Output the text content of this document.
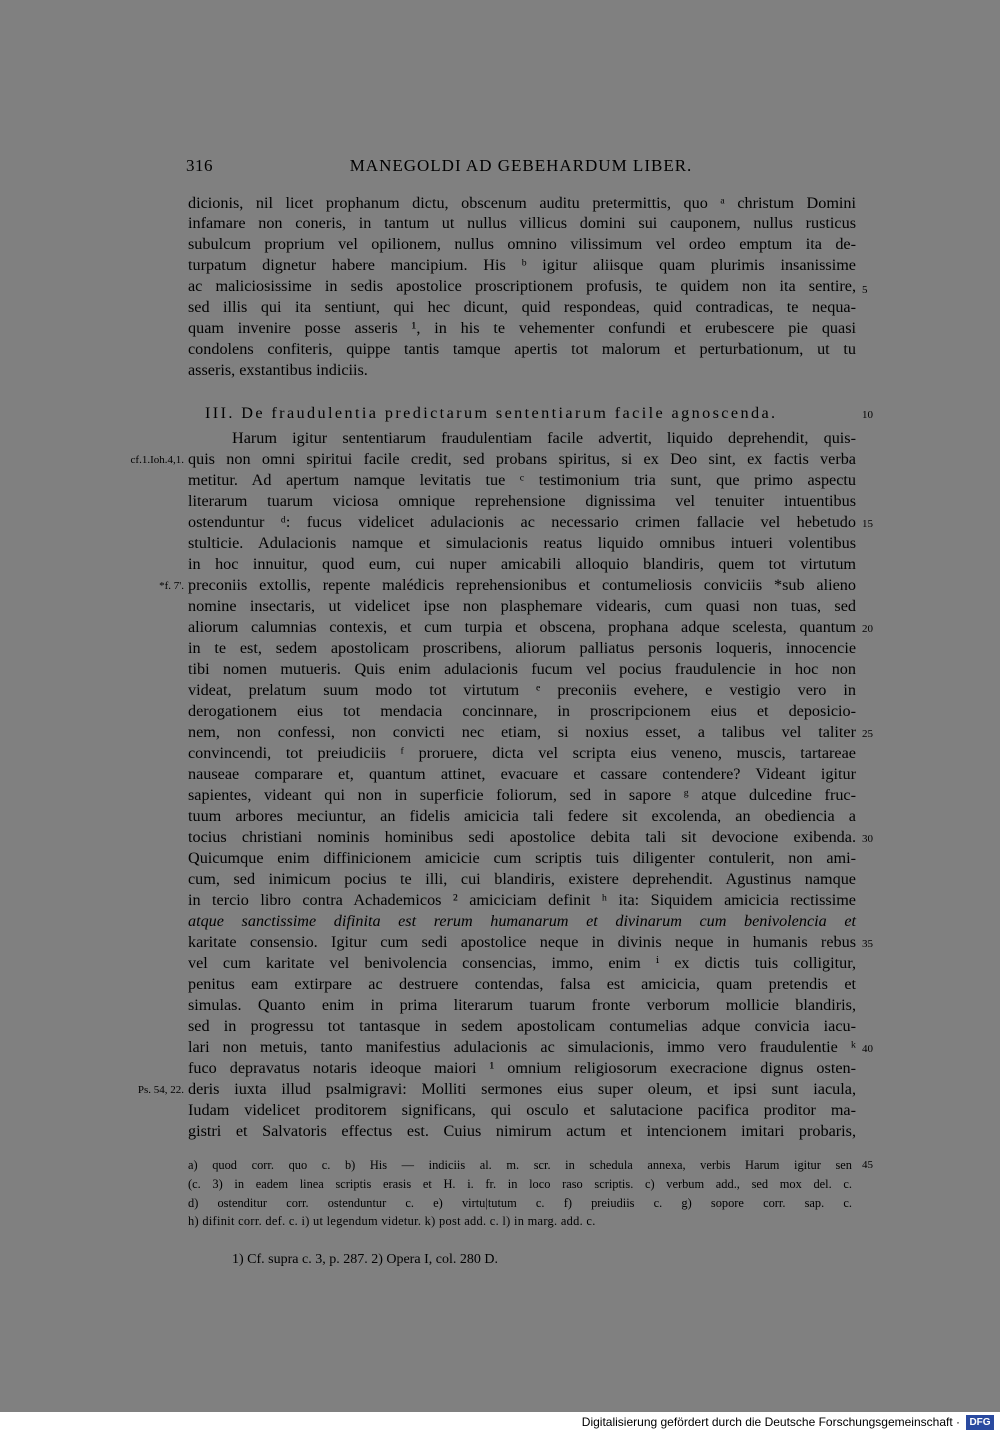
316	MANEGOLDI AD GEBEHARDUM LIBER.
dicionis, nil licet prophanum dictu, obscenum auditu pretermittis, quo ᵃ christum Domini
infamare non coneris, in tantum ut nullus villicus domini sui cauponem, nullus rusticus
subulcum proprium vel opilionem, nullus omnino vilissimum vel ordeo emptum ita de-
turpatum dignetur habere mancipium. His ᵇ igitur aliisque quam plurimis insanissime
ac maliciosissime in sedis apostolice proscriptionem profusis, te quidem non ita sentire,
sed illis qui ita sentiunt, qui hec dicunt, quid respondeas, quid contradicas, te nequa-
quam invenire posse asseris ¹, in his te vehementer confundi et erubescere pie quasi
condolens confiteris, quippe tantis tamque apertis tot malorum et perturbationum, ut tu
asseris, exstantibus indiciis.
III. De fraudulentia predictarum sententiarum facile agnoscenda.
Harum igitur sententiarum fraudulentiam facile advertit, liquido deprehendit, quis-
quis non omni spiritui facile credit, sed probans spiritus, si ex Deo sint, ex factis verba
metitur. Ad apertum namque levitatis tue ᶜ testimonium tria sunt, que primo aspectu
literarum tuarum viciosa omnique reprehensione dignissima vel tenuiter intuentibus
ostenduntur ᵈ: fucus videlicet adulacionis ac necessario crimen fallacie vel hebetudo
stulticie. Adulacionis namque et simulacionis reatus liquido omnibus intueri volentibus
in hoc innuitur, quod eum, cui nuper amicabili alloquio blandiris, quem tot virtutum
preconiis extollis, repente malédicis reprehensionibus et contumeliosis conviciis *sub alieno
nomine insectaris, ut videlicet ipse non plasphemare videaris, cum quasi non tuas, sed
aliorum calumnias contexis, et cum turpia et obscena, prophana adque scelesta, quantum
in te est, sedem apostolicam proscribens, aliorum palliatus personis loqueris, innocencie
tibi nomen mutueris. Quis enim adulacionis fucum vel pocius fraudulencie in hoc non
videat, prelatum suum modo tot virtutum ᵉ preconiis evehere, e vestigio vero in
derogationem eius tot mendacia concinnare, in proscripcionem eius et deposicio-
nem, non confessi, non convicti nec etiam, si noxius esset, a talibus vel taliter
convincendi, tot preiudiciis ᶠ proruere, dicta vel scripta eius veneno, muscis, tartareae
nauseae comparare et, quantum attinet, evacuare et cassare contendere? Videant igitur
sapientes, videant qui non in superficie foliorum, sed in sapore ᵍ atque dulcedine fruc-
tuum arbores meciuntur, an fidelis amicicia tali federe sit excolenda, an obediencia a
tocius christiani nominis hominibus sedi apostolice debita tali sit devocione exibenda.
Quicumque enim diffinicionem amicicie cum scriptis tuis diligenter contulerit, non ami-
cum, sed inimicum pocius te illi, cui blandiris, existere deprehendit. Agustinus namque
in tercio libro contra Achademicos ² amiciciam definit ʰ ita: Siquidem amicicia rectissime
atque sanctissime difinita est rerum humanarum et divinarum cum benivolencia et
karitate consensio. Igitur cum sedi apostolice neque in divinis neque in humanis rebus
vel cum karitate vel benivolencia consencias, immo, enim ⁱ ex dictis tuis colligitur,
penitus eam extirpare ac destruere contendas, falsa est amicicia, quam pretendis et
simulas. Quanto enim in prima literarum tuarum fronte verborum mollicie blandiris,
sed in progressu tot tantasque in sedem apostolicam contumelias adque convicia iacu-
lari non metuis, tanto manifestius adulacionis ac simulacionis, immo vero fraudulentie ᵏ
fuco depravatus notaris ideoque maiori ¹ omnium religiosorum execracione dignus osten-
deris iuxta illud psalmigravi: Molliti sermones eius super oleum, et ipsi sunt iacula,
Iudam videlicet proditorem significans, qui osculo et salutacione pacifica proditor ma-
gistri et Salvatoris effectus est. Cuius nimirum actum et intencionem imitari probaris,
5
10
15
20
25
30
35
40
cf.1.Ioh.4,1.
*f. 7'.
Ps. 54, 22.
a) quod corr. quo c. b) His — indiciis al. m. scr. in schedula annexa, verbis Harum igitur sen
(c. 3) in eadem linea scriptis erasis et H. i. fr. in loco raso scriptis. c) verbum add., sed mox del. c.
d) ostenditur corr. ostenduntur c. e) virtu|tutum c. f) preiudiis c. g) sopore corr. sap. c.
h) difinit corr. def. c. i) ut legendum videtur. k) post add. c. l) in marg. add. c.
45
1) Cf. supra c. 3, p. 287. 2) Opera I, col. 280 D.
Digitalisierung gefördert durch die Deutsche Forschungsgemeinschaft · DFG
